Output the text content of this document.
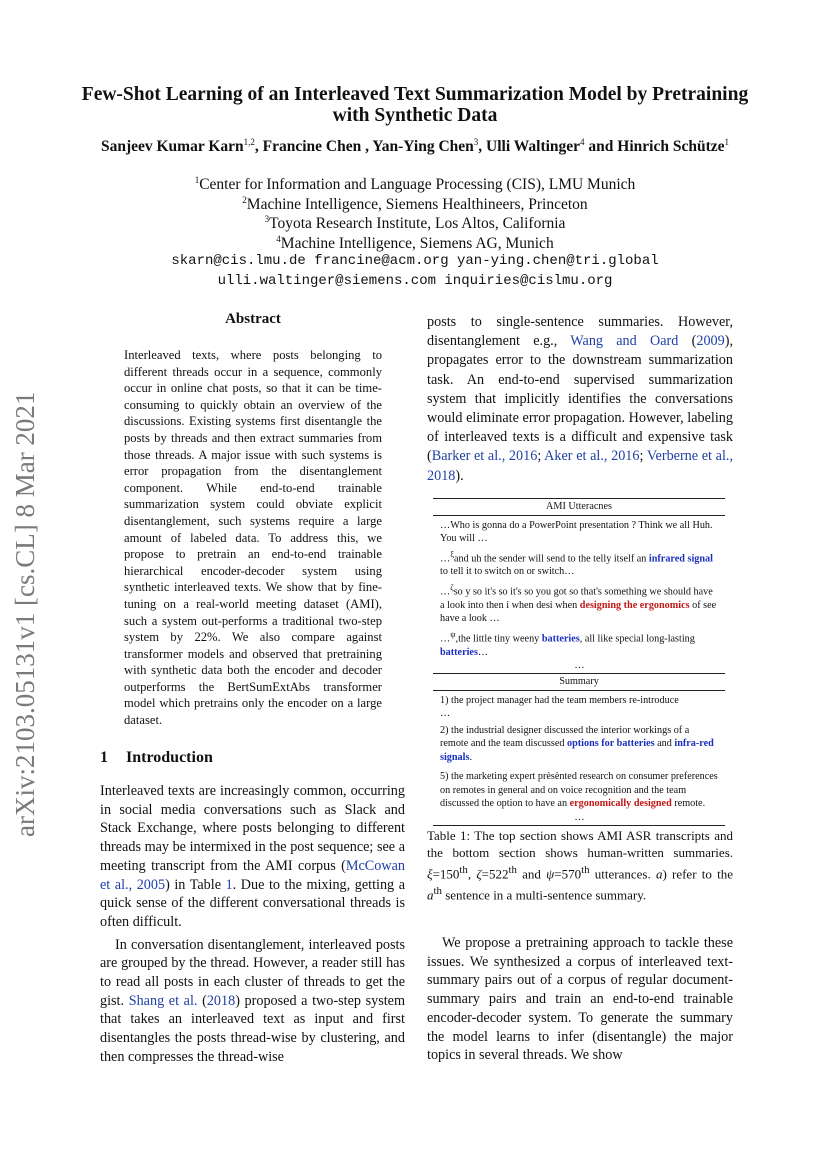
Few-Shot Learning of an Interleaved Text Summarization Model by Pretraining with Synthetic Data
Sanjeev Kumar Karn$^{1,2}$, Francine Chen , Yan-Ying Chen$^3$, Ulli Waltinger$^4$ and Hinrich Schütze$^1$
$^1$Center for Information and Language Processing (CIS), LMU Munich
$^2$Machine Intelligence, Siemens Healthineers, Princeton
$^3$Toyota Research Institute, Los Altos, California
$^4$Machine Intelligence, Siemens AG, Munich
skarn@cis.lmu.de francine@acm.org yan-ying.chen@tri.global
ulli.waltinger@siemens.com inquiries@cislmu.org
arXiv:2103.05131v1 [cs.CL] 8 Mar 2021
Abstract

Interleaved texts, where posts belonging to different threads occur in a sequence, commonly occur in online chat posts, so that it can be time-consuming to quickly obtain an overview of the discussions. Existing systems first disentangle the posts by threads and then extract summaries from those threads. A major issue with such systems is error propagation from the disentanglement component. While end-to-end trainable summarization system could obviate explicit disentanglement, such systems require a large amount of labeled data. To address this, we propose to pretrain an end-to-end trainable hierarchical encoder-decoder system using synthetic interleaved texts. We show that by fine-tuning on a real-world meeting dataset (AMI), such a system out-performs a traditional two-step system by 22%. We also compare against transformer models and observed that pretraining with synthetic data both the encoder and decoder outperforms the BertSumExtAbs transformer model which pretrains only the encoder on a large dataset.

1 Introduction

Interleaved texts are increasingly common, occurring in social media conversations such as Slack and Stack Exchange, where posts belonging to different threads may be intermixed in the post sequence; see a meeting transcript from the AMI corpus (McCowan et al., 2005) in Table 1. Due to the mixing, getting a quick sense of the different conversational threads is often difficult.

In conversation disentanglement, interleaved posts are grouped by the thread. However, a reader still has to read all posts in each cluster of threads to get the gist. Shang et al. (2018) proposed a two-step system that takes an interleaved text as input and first disentangles the posts thread-wise by clustering, and then compresses the thread-wise

posts to single-sentence summaries. However, disentanglement e.g., Wang and Oard (2009), propagates error to the downstream summarization task. An end-to-end supervised summarization system that implicitly identifies the conversations would eliminate error propagation. However, labeling of interleaved texts is a difficult and expensive task (Barker et al., 2016; Aker et al., 2016; Verberne et al., 2018).

AMI Utteracnes

…Who is gonna do a PowerPoint presentation ? Think we all Huh. You will …

…$^\xi$and uh the sender will send to the telly itself an infrared signal to tell it to switch on or switch…

…$^\zeta$so y so it's so it's so you got so that's something we should have a look into then i when desi when designing the ergonomics of see have a look …

…$^\psi$,the little tiny weeny batteries, all like special long-lasting batteries…

…
Summary

1) the project manager had the team members re-introduce

…

2) the industrial designer discussed the interior workings of a remote and the team discussed options for batteries and infra-red signals.

5) the marketing expert prèsènted research on consumer preferences on remotes in general and on voice recognition and the team discussed the option to have an ergonomically designed remote.

…

Table 1: The top section shows AMI ASR transcripts and the bottom section shows human-written summaries. ξ=150th, ζ=522th and ψ=570th utterances. a) refer to the $a^{th}$ sentence in a multi-sentence summary.

We propose a pretraining approach to tackle these issues. We synthesized a corpus of interleaved text-summary pairs out of a corpus of regular document-summary pairs and train an end-to-end trainable encoder-decoder system. To generate the summary the model learns to infer (disentangle) the major topics in several threads. We show
